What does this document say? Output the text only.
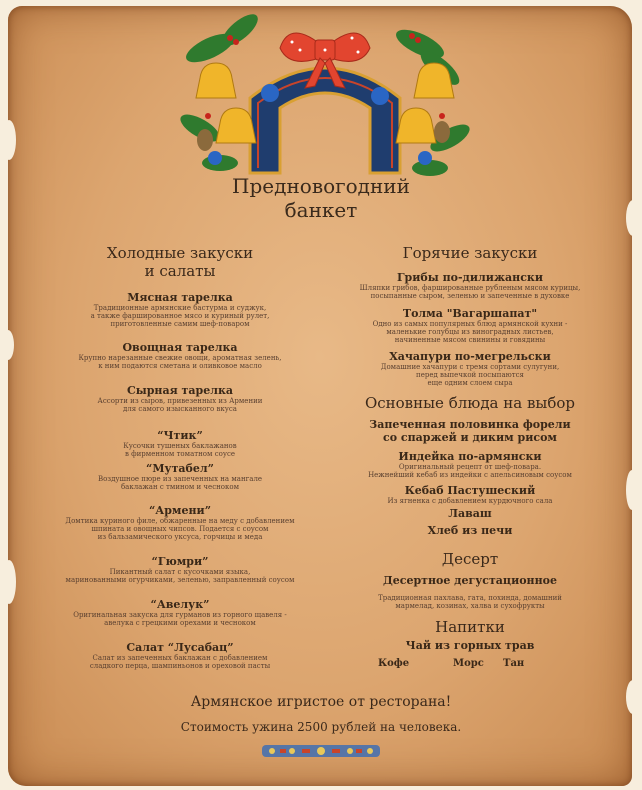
Предновогодний
банкет
Холодные закуски
и салаты
Мясная тарелка
Традиционные армянские бастурма и суджук,
а также фаршированное мясо и куриный рулет,
приготовленные самим шеф-поваром
Овощная тарелка
Крупно нарезанные свежие овощи, ароматная зелень,
к ним подаются сметана и оливковое масло
Сырная тарелка
Ассорти из сыров, привезенных из Армении
для самого изысканного вкуса
“Чтик”
Кусочки тушеных баклажанов
в фирменном томатном соусе
“Мутабел”
Воздушное пюре из запеченных на мангале
баклажан с тмином и чесноком
“Армени”
Домтика куриного филе, обжаренные на меду с добавлением
шпината и овощных чипсов. Подается с соусом
из бальзамического уксуса, горчицы и меда
“Гюмри”
Пикантный салат с кусочками языка,
маринованными огурчиками, зеленью, заправленный соусом
“Авелук”
Оригинальная закуска для гурманов из горного щавеля -
авелука с грецкими орехами и чесноком
Салат “Лусабац”
Салат из запеченных баклажан с добавлением
сладкого перца, шампиньонов и ореховой пасты
Горячие закуски
Грибы по-дилижански
Шляпки грибов, фаршированные рубленым мясом курицы,
посыпанные сыром, зеленью и запеченные в духовке
Толма "Вагаршапат"
Одно из самых популярных блюд армянской кухни -
маленькие голубцы из виноградных листьев,
начиненные мясом свинины и говядины
Хачапури по-мегрельски
Домашние хачапури с тремя сортами сулугуни,
перед выпечкой посыпаются
еще одним слоем сыра
Основные блюда на выбор
Запеченная половинка форели
со спаржей и диким рисом
Индейка по-армянски
Оригинальный рецепт от шеф-повара.
Нежнейший кебаб из индейки с апельсиновым соусом
Кебаб Пастушеский
Из ягненка с добавлением курдючного сала
Лаваш
Хлеб из печи
Десерт
Десертное дегустационное
Традиционная пахлава, гата, похинда, домашний
мармелад, козинах, халва и сухофрукты
Напитки
Чай из горных трав
Кофе	Морс Тан
Армянское игристое от ресторана!
Стоимость ужина 2500 рублей на человека.
